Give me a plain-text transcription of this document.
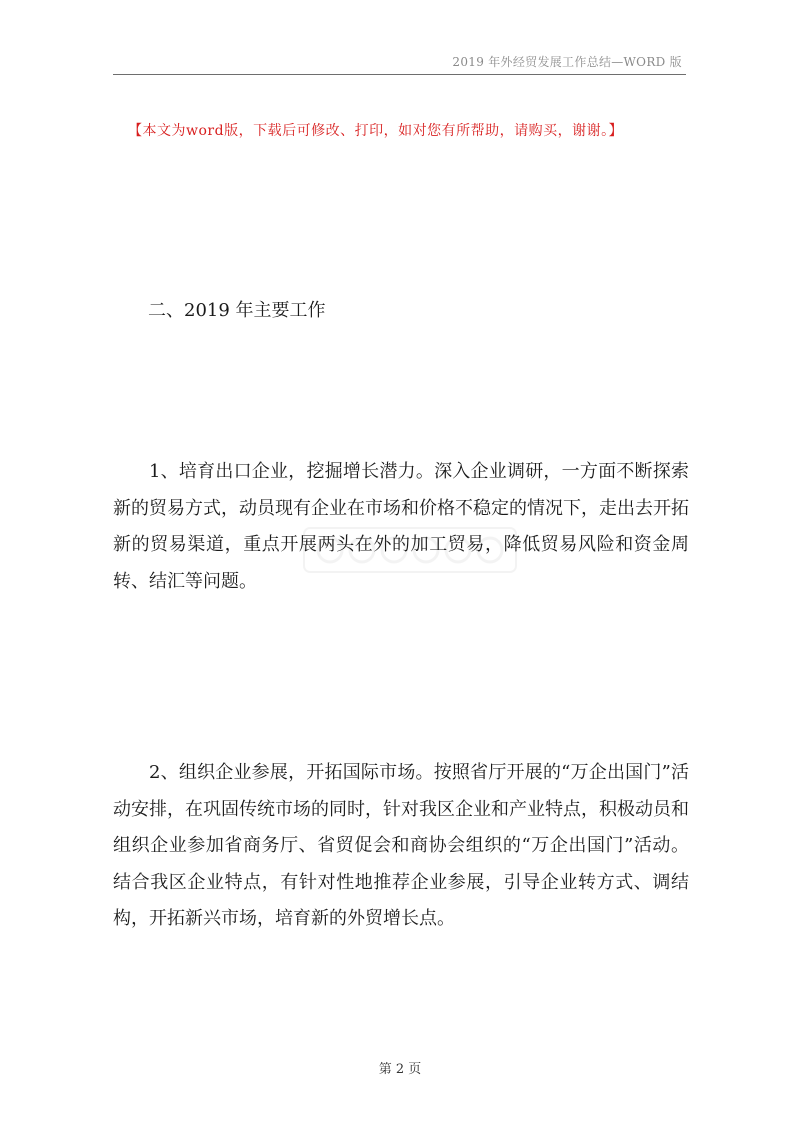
2019 年外经贸发展工作总结—WORD 版
【本文为word版，下载后可修改、打印，如对您有所帮助，请购买，谢谢。】
二、2019 年主要工作

1、培育出口企业，挖掘增长潜力。深入企业调研，一方面不断探索新的贸易方式，动员现有企业在市场和价格不稳定的情况下，走出去开拓新的贸易渠道，重点开展两头在外的加工贸易，降低贸易风险和资金周转、结汇等问题。

2、组织企业参展，开拓国际市场。按照省厅开展的“万企出国门”活动安排，在巩固传统市场的同时，针对我区企业和产业特点，积极动员和组织企业参加省商务厅、省贸促会和商协会组织的“万企出国门”活动。结合我区企业特点，有针对性地推荐企业参展，引导企业转方式、调结构，开拓新兴市场，培育新的外贸增长点。

第 2 页
